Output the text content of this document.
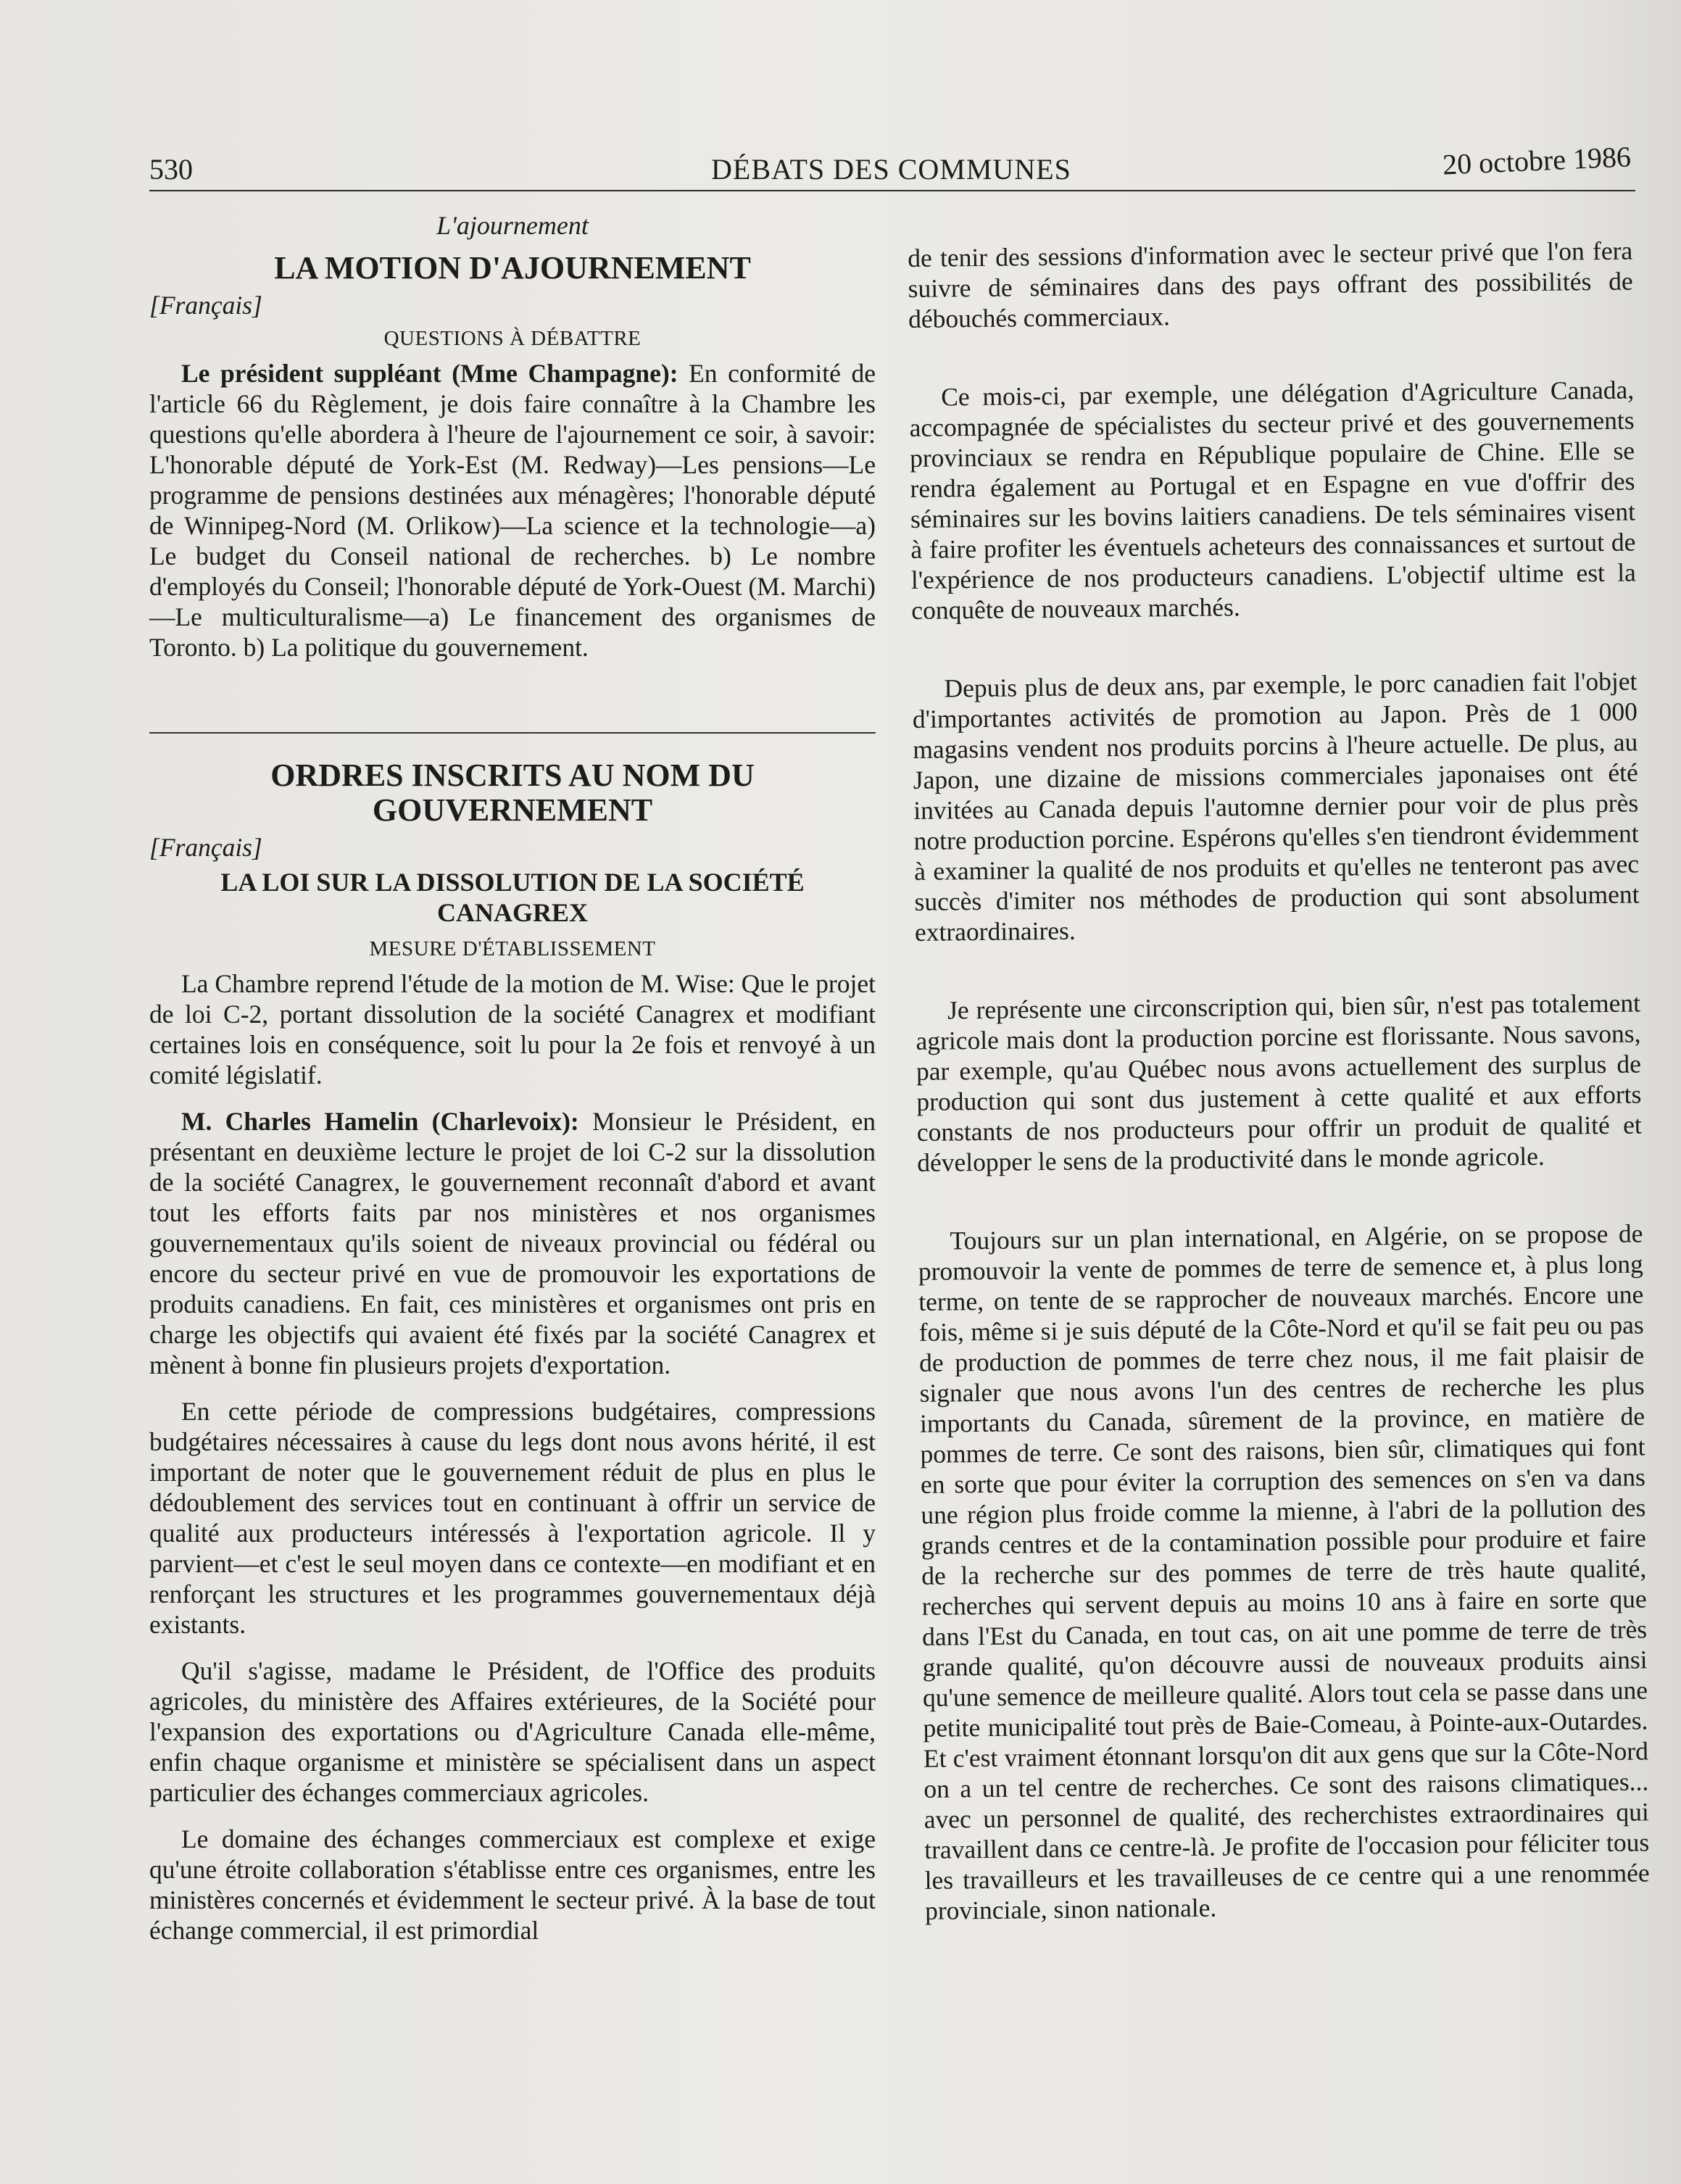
530	DÉBATS DES COMMUNES	20 octobre 1986

L'ajournement

LA MOTION D'AJOURNEMENT

[Français]

QUESTIONS À DÉBATTRE

Le président suppléant (Mme Champagne): En conformité de l'article 66 du Règlement, je dois faire connaître à la Chambre les questions qu'elle abordera à l'heure de l'ajournement ce soir, à savoir: L'honorable député de York-Est (M. Redway)—Les pensions—Le programme de pensions destinées aux ménagères; l'honorable député de Winnipeg-Nord (M. Orlikow)—La science et la technologie—a) Le budget du Conseil national de recherches. b) Le nombre d'employés du Conseil; l'honorable député de York-Ouest (M. Marchi)—Le multiculturalisme—a) Le financement des organismes de Toronto. b) La politique du gouvernement.

ORDRES INSCRITS AU NOM DU GOUVERNEMENT

[Français]

LA LOI SUR LA DISSOLUTION DE LA SOCIÉTÉ CANAGREX

MESURE D'ÉTABLISSEMENT

La Chambre reprend l'étude de la motion de M. Wise: Que le projet de loi C-2, portant dissolution de la société Canagrex et modifiant certaines lois en conséquence, soit lu pour la 2e fois et renvoyé à un comité législatif.

M. Charles Hamelin (Charlevoix): Monsieur le Président, en présentant en deuxième lecture le projet de loi C-2 sur la dissolution de la société Canagrex, le gouvernement reconnaît d'abord et avant tout les efforts faits par nos ministères et nos organismes gouvernementaux qu'ils soient de niveaux provincial ou fédéral ou encore du secteur privé en vue de promouvoir les exportations de produits canadiens. En fait, ces ministères et organismes ont pris en charge les objectifs qui avaient été fixés par la société Canagrex et mènent à bonne fin plusieurs projets d'exportation.

En cette période de compressions budgétaires, compressions budgétaires nécessaires à cause du legs dont nous avons hérité, il est important de noter que le gouvernement réduit de plus en plus le dédoublement des services tout en continuant à offrir un service de qualité aux producteurs intéressés à l'exportation agricole. Il y parvient—et c'est le seul moyen dans ce contexte—en modifiant et en renforçant les structures et les programmes gouvernementaux déjà existants.

Qu'il s'agisse, madame le Président, de l'Office des produits agricoles, du ministère des Affaires extérieures, de la Société pour l'expansion des exportations ou d'Agriculture Canada elle-même, enfin chaque organisme et ministère se spécialisent dans un aspect particulier des échanges commerciaux agricoles.

Le domaine des échanges commerciaux est complexe et exige qu'une étroite collaboration s'établisse entre ces organismes, entre les ministères concernés et évidemment le secteur privé. À la base de tout échange commercial, il est primordial

de tenir des sessions d'information avec le secteur privé que l'on fera suivre de séminaires dans des pays offrant des possibilités de débouchés commerciaux.

Ce mois-ci, par exemple, une délégation d'Agriculture Canada, accompagnée de spécialistes du secteur privé et des gouvernements provinciaux se rendra en République populaire de Chine. Elle se rendra également au Portugal et en Espagne en vue d'offrir des séminaires sur les bovins laitiers canadiens. De tels séminaires visent à faire profiter les éventuels acheteurs des connaissances et surtout de l'expérience de nos producteurs canadiens. L'objectif ultime est la conquête de nouveaux marchés.

Depuis plus de deux ans, par exemple, le porc canadien fait l'objet d'importantes activités de promotion au Japon. Près de 1 000 magasins vendent nos produits porcins à l'heure actuelle. De plus, au Japon, une dizaine de missions commerciales japonaises ont été invitées au Canada depuis l'automne dernier pour voir de plus près notre production porcine. Espérons qu'elles s'en tiendront évidemment à examiner la qualité de nos produits et qu'elles ne tenteront pas avec succès d'imiter nos méthodes de production qui sont absolument extraordinaires.

Je représente une circonscription qui, bien sûr, n'est pas totalement agricole mais dont la production porcine est florissante. Nous savons, par exemple, qu'au Québec nous avons actuellement des surplus de production qui sont dus justement à cette qualité et aux efforts constants de nos producteurs pour offrir un produit de qualité et développer le sens de la productivité dans le monde agricole.

Toujours sur un plan international, en Algérie, on se propose de promouvoir la vente de pommes de terre de semence et, à plus long terme, on tente de se rapprocher de nouveaux marchés. Encore une fois, même si je suis député de la Côte-Nord et qu'il se fait peu ou pas de production de pommes de terre chez nous, il me fait plaisir de signaler que nous avons l'un des centres de recherche les plus importants du Canada, sûrement de la province, en matière de pommes de terre. Ce sont des raisons, bien sûr, climatiques qui font en sorte que pour éviter la corruption des semences on s'en va dans une région plus froide comme la mienne, à l'abri de la pollution des grands centres et de la contamination possible pour produire et faire de la recherche sur des pommes de terre de très haute qualité, recherches qui servent depuis au moins 10 ans à faire en sorte que dans l'Est du Canada, en tout cas, on ait une pomme de terre de très grande qualité, qu'on découvre aussi de nouveaux produits ainsi qu'une semence de meilleure qualité. Alors tout cela se passe dans une petite municipalité tout près de Baie-Comeau, à Pointe-aux-Outardes. Et c'est vraiment étonnant lorsqu'on dit aux gens que sur la Côte-Nord on a un tel centre de recherches. Ce sont des raisons climatiques... avec un personnel de qualité, des recherchistes extraordinaires qui travaillent dans ce centre-là. Je profite de l'occasion pour féliciter tous les travailleurs et les travailleuses de ce centre qui a une renommée provinciale, sinon nationale.
